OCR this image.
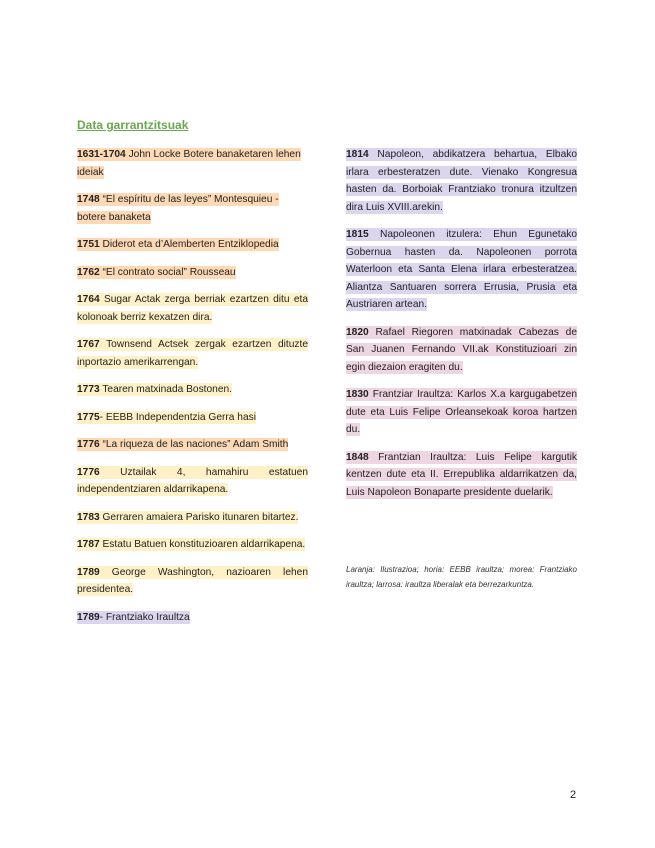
Data garrantzitsuak

1631-1704 John Locke Botere banaketaren lehen ideiak

1748 “El espíritu de las leyes” Montesquieu - botere banaketa

1751 Diderot eta d’Alemberten Entziklopedia

1762 “El contrato social” Rousseau

1764 Sugar Actak zerga berriak ezartzen ditu eta kolonoak berriz kexatzen dira.

1767 Townsend Actsek zergak ezartzen dituzte inportazio amerikarrengan.

1773 Tearen matxinada Bostonen.

1775- EEBB Independentzia Gerra hasi

1776 “La riqueza de las naciones” Adam Smith

1776 Uztailak 4, hamahiru estatuen independentziaren aldarrikapena.

1783 Gerraren amaiera Parisko itunaren bitartez.

1787 Estatu Batuen konstituzioaren aldarrikapena.

1789 George Washington, nazioaren lehen presidentea.

1789- Frantziako Iraultza

1814 Napoleon, abdikatzera behartua, Elbako irlara erbesteratzen dute. Vienako Kongresua hasten da. Borboiak Frantziako tronura itzultzen dira Luis XVIII.arekin.

1815 Napoleonen itzulera: Ehun Egunetako Gobernua hasten da. Napoleonen porrota Waterloon eta Santa Elena irlara erbesteratzea. Aliantza Santuaren sorrera Errusia, Prusia eta Austriaren artean.

1820 Rafael Riegoren matxinadak Cabezas de San Juanen Fernando VII.ak Konstituzioari zin egin diezaion eragiten du.

1830 Frantziar Iraultza: Karlos X.a kargugabetzen dute eta Luis Felipe Orleansekoak koroa hartzen du.

1848 Frantzian Iraultza: Luis Felipe kargutik kentzen dute eta II. Errepublika aldarrikatzen da, Luis Napoleon Bonaparte presidente duelarik.

Laranja: Ilustrazioa; horia: EEBB iraultza; morea: Frantziako iraultza; larrosa: iraultza liberalak eta berrezarkuntza.

2
